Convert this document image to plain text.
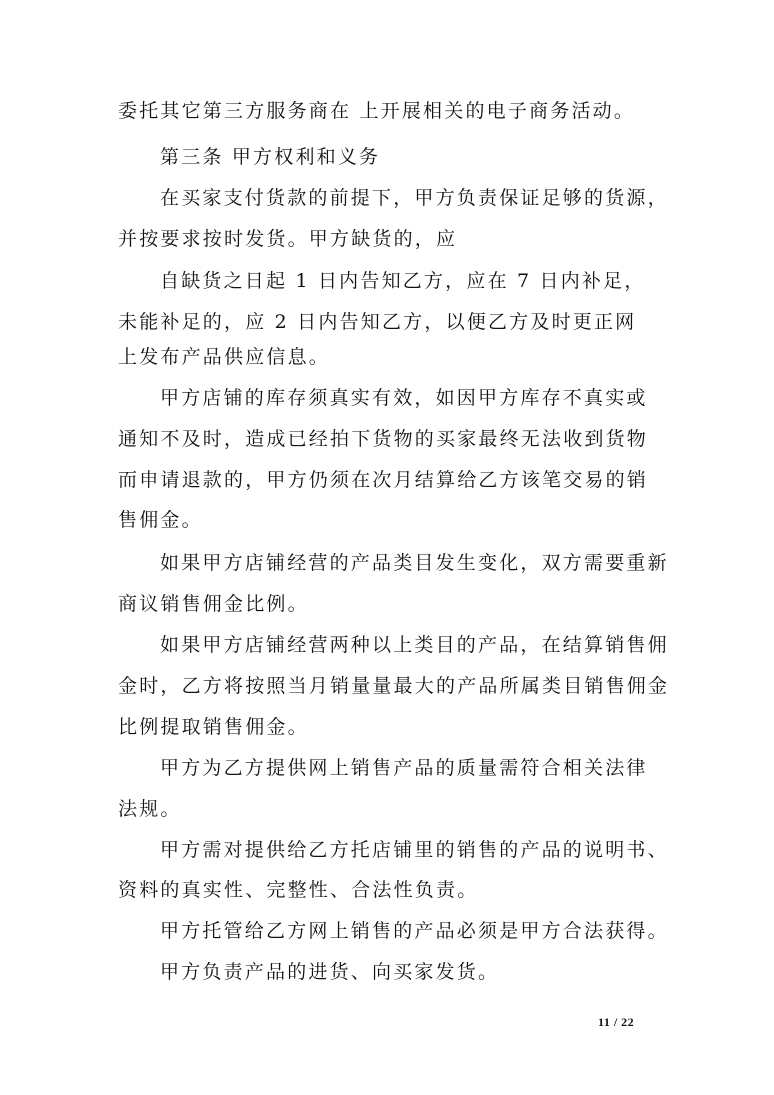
委托其它第三方服务商在 上开展相关的电子商务活动。
第三条 甲方权利和义务
在买家支付货款的前提下，甲方负责保证足够的货源，
并按要求按时发货。甲方缺货的，应
自缺货之日起 1 日内告知乙方，应在 7 日内补足，
未能补足的，应 2 日内告知乙方，以便乙方及时更正网
上发布产品供应信息。
甲方店铺的库存须真实有效，如因甲方库存不真实或
通知不及时，造成已经拍下货物的买家最终无法收到货物
而申请退款的，甲方仍须在次月结算给乙方该笔交易的销
售佣金。
如果甲方店铺经营的产品类目发生变化，双方需要重新
商议销售佣金比例。
如果甲方店铺经营两种以上类目的产品，在结算销售佣
金时，乙方将按照当月销量量最大的产品所属类目销售佣金
比例提取销售佣金。
甲方为乙方提供网上销售产品的质量需符合相关法律
法规。
甲方需对提供给乙方托店铺里的销售的产品的说明书、
资料的真实性、完整性、合法性负责。
甲方托管给乙方网上销售的产品必须是甲方合法获得。
甲方负责产品的进货、向买家发货。
11 / 22
